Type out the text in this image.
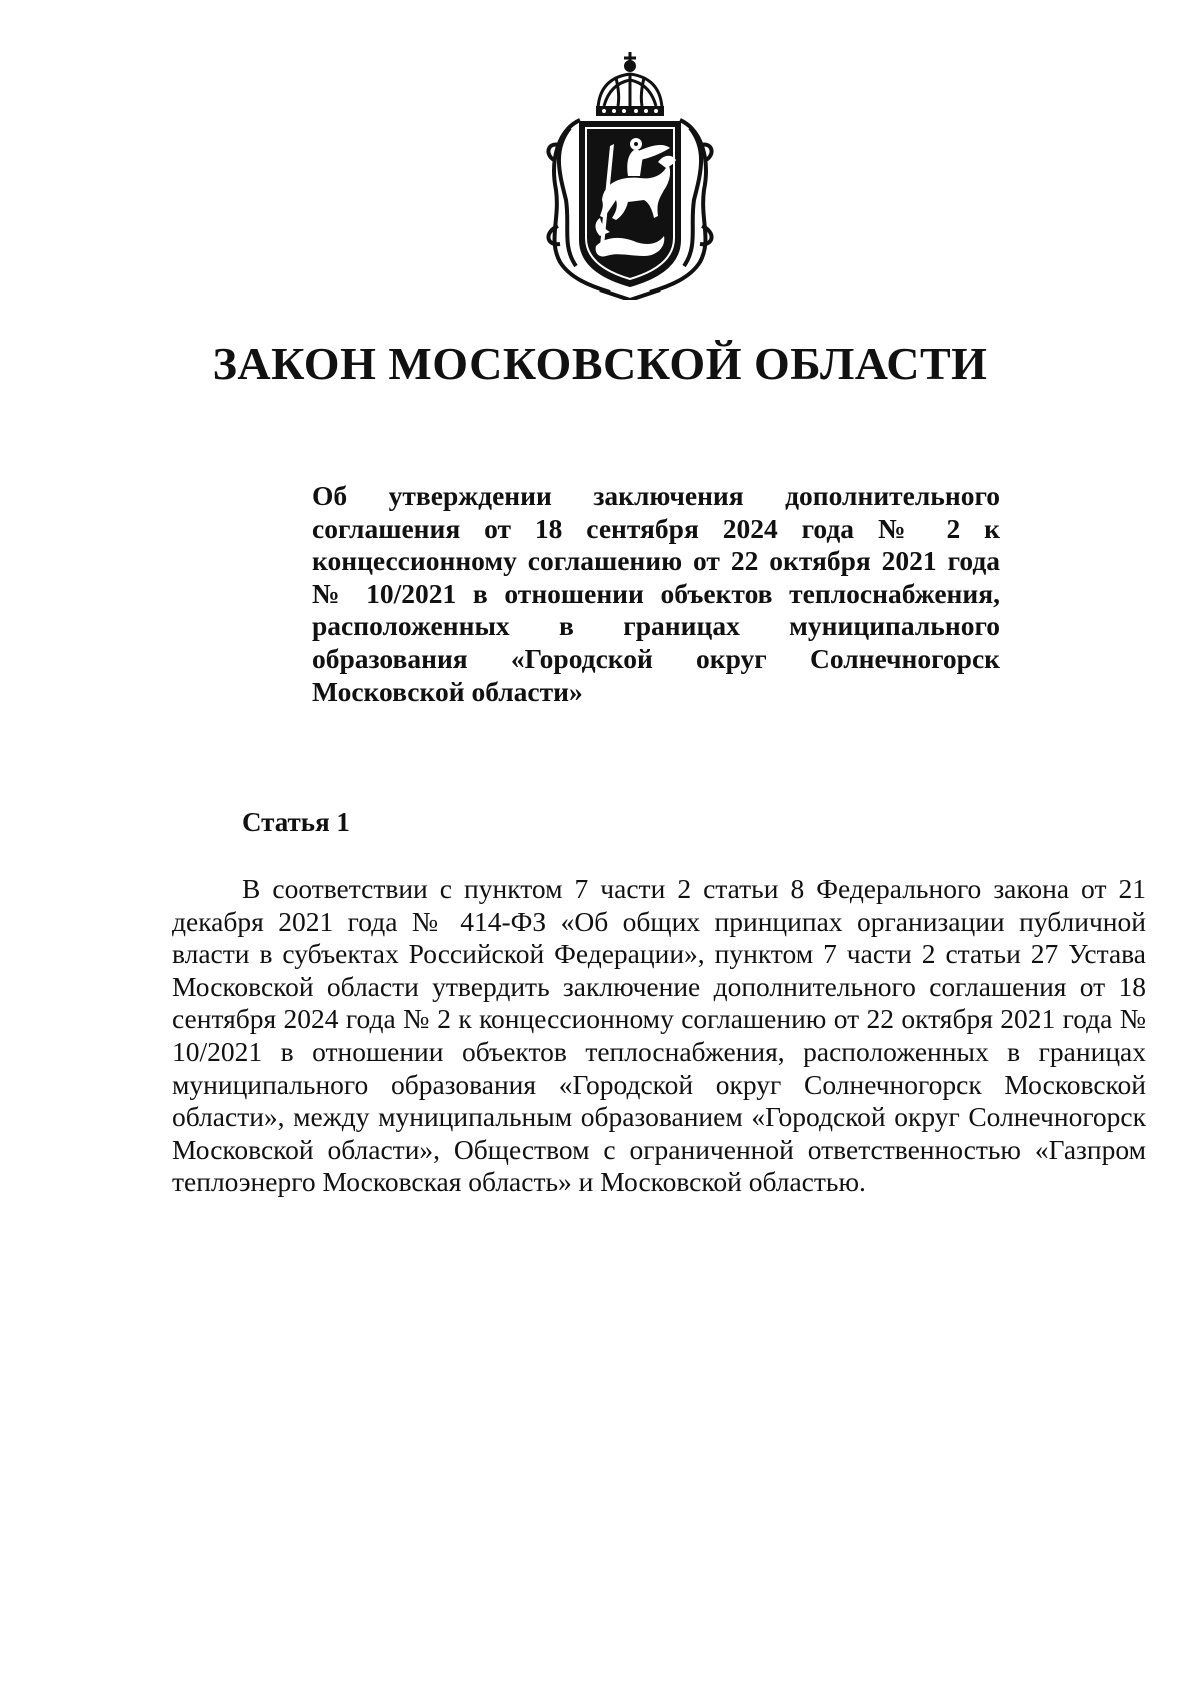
ЗАКОН МОСКОВСКОЙ ОБЛАСТИ

Об утверждении заключения дополнительного соглашения от 18 сентября 2024 года № 2 к концессионному соглашению от 22 октября 2021 года № 10/2021 в отношении объектов теплоснабжения, расположенных в границах муниципального образования «Городской округ Солнечногорск Московской области»

Статья 1

В соответствии с пунктом 7 части 2 статьи 8 Федерального закона от 21 декабря 2021 года № 414-ФЗ «Об общих принципах организации публичной власти в субъектах Российской Федерации», пунктом 7 части 2 статьи 27 Устава Московской области утвердить заключение дополнительного соглашения от 18 сентября 2024 года № 2 к концессионному соглашению от 22 октября 2021 года № 10/2021 в отношении объектов теплоснабжения, расположенных в границах муниципального образования «Городской округ Солнечногорск Московской области», между муниципальным образованием «Городской округ Солнечногорск Московской области», Обществом с ограниченной ответственностью «Газпром теплоэнерго Московская область» и Московской областью.
